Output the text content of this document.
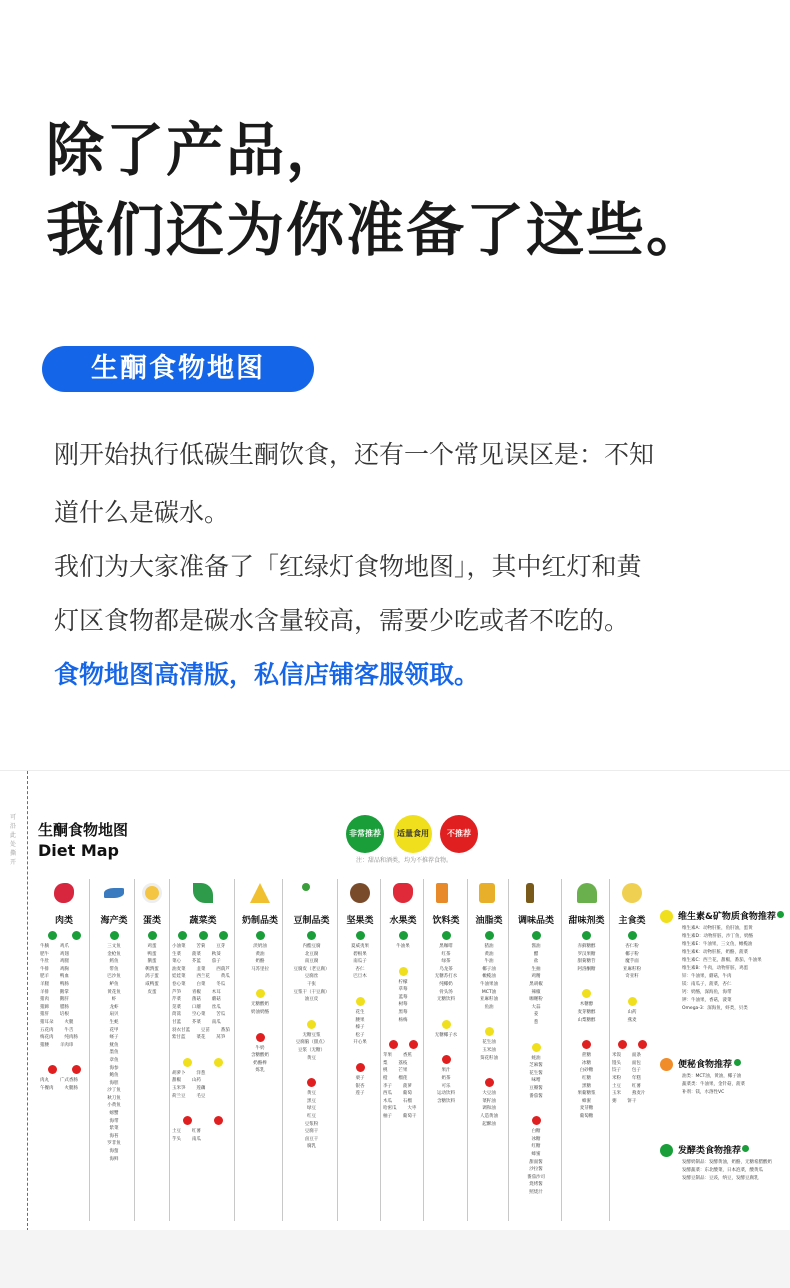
除了产品，
我们还为你准备了这些。
生酮食物地图
刚开始执行低碳生酮饮食，还有一个常见误区是：不知
道什么是碳水。
我们为大家准备了「红绿灯食物地图」，其中红灯和黄
灯区食物都是碳水含量较高，需要少吃或者不吃的。
食物地图高清版，私信店铺客服领取。
可沿此处撕开
生酮食物地图
Diet Map
注：甜品和酒类，均为不推荐食物。
非常推荐	适量食用	不推荐
肉类
牛腩  鸡爪
肥牛  鸡翅
牛肚  鸡腿
牛排  鸡胸
肥羊  鸭血
羊腿  鸭肠
羊排  鹅掌
猪肉  鹅肝
猪蹄  腊肠
猪肝  培根
猪耳朵  火腿
五花肉  牛舌
梅花肉  纯肉肠
猪腰  羊肉串
肉丸  广式香肠
午餐肉  火腿肠
海产类
三文鱼
金枪鱼
鳕鱼
带鱼
巴沙鱼
鲈鱼
黄花鱼
虾
龙虾
扇贝
生蚝
花甲
蛏子
鱿鱼
墨鱼
章鱼
海参
鲍鱼
海胆
沙丁鱼
秋刀鱼
小黄鱼
螃蟹
海带
紫菜
海苔
罗非鱼
海蜇
海鲜
蛋类
鸡蛋
鸭蛋
鹅蛋
鹌鹑蛋
鸽子蛋
咸鸭蛋
皮蛋
蔬菜类
小油菜  苦菊  豆芽
生菜  菠菜  秋葵
菜心  芥蓝  茄子
油麦菜  韭菜  西葫芦
娃娃菜  西兰花  黄瓜
卷心菜  白菜  冬瓜
芦笋  青椒  木耳
芹菜  菌菇  蘑菇
苋菜  口蘑  丝瓜
茼蒿  空心菜  苦瓜
甘蓝  芥菜  南瓜
羽衣甘蓝  豆苗  番茄
紫甘蓝  菜花  莴笋
胡萝卜  洋葱
甜椒  山药
玉米笋  莲藕
荷兰豆  毛豆
土豆  红薯
芋头  南瓜
奶制品类
淡奶油
黄油
奶酪
马苏里拉
无糖酸奶
奶油奶酪
牛奶
含糖酸奶
奶酪棒
炼乳
豆制品类
内酯豆腐
北豆腐
南豆腐
豆腐皮（老豆腐）
豆腐丝
干张
豆浆干（干豆腐）
油豆皮
无糖豆浆
豆腐脑（甜点）
豆浆（无糖）
黄豆
黄豆
黑豆
绿豆
红豆
豆浆粉
豆腐干
卤豆干
腐乳
坚果类
夏威夷果
碧根果
南瓜子
杏仁
巴旦木
花生
腰果
榛子
松子
开心果
栗子
银杏
莲子
水果类
牛油果
柠檬
草莓
蓝莓
树莓
黑莓
杨梅
苹果  香蕉
梨  荔枝
桃  芒果
橙  榴莲
李子  菠萝
西瓜  葡萄
木瓜  石榴
哈密瓜  大枣
柚子  葡萄干
饮料类
黑咖啡
红茶
绿茶
乌龙茶
无糖苏打水
纯椰奶
骨头汤
无糖饮料
无糖椰子水
果汁
奶茶
可乐
运动饮料
含糖饮料
油脂类
猪油
黄油
牛油
椰子油
橄榄油
牛油果油
MCT油
亚麻籽油
鱼油
花生油
玉米油
葵花籽油
大豆油
菜籽油
调和油
人造黄油
起酥油
调味品类
酱油
醋
盐
生抽
鸡精
黑胡椒
辣椒
咖喱粉
大蒜
姜
葱
蚝油
芝麻酱
花生酱
味噌
豆瓣酱
番茄酱
白糖
冰糖
红糖
蜂蜜
甜面酱
沙拉酱
番茄沙司
烧烤酱
照烧汁
甜味剂类
赤藓糖醇
罗汉果糖
甜菊糖苷
阿洛酮糖
木糖醇
麦芽糖醇
山梨糖醇
蔗糖
冰糖
白砂糖
红糖
黑糖
果葡糖浆
蜂蜜
麦芽糖
葡萄糖
主食类
杏仁粉
椰子粉
魔芋面
亚麻籽粉
奇亚籽
山药
燕麦
米饭  面条
馒头  面包
饺子  包子
米粉  年糕
土豆  红薯
玉米  燕麦片
粥  饼干
维生素&矿物质食物推荐
维生素A：动物肝脏，鱼肝油，蛋黄
维生素D：动物肝脏，沙丁鱼，奶酪
维生素E：牛油果，三文鱼，橄榄油
维生素K：动物肝脏，奶酪，菠菜
维生素C：西兰花，甜椒，番茄，牛油果
维生素B：牛肉，动物肝脏，鸡蛋
锌：牛油果，蘑菇，牛肉
镁：南瓜子，菠菜，杏仁
钙：奶酪，深海鱼，海带
钾：牛油果，香菇，菠菜
Omega-3：深海鱼，虾类，贝类
便秘食物推荐
油类：MCT油，黄油，椰子油
蔬菜类：牛油果，金针菇，菠菜
补剂：镁，水溶性VC
发酵类食物推荐
发酵奶制品：发酵黄油，奶酪，无糖希腊酸奶
发酵蔬菜：东北酸菜，日本泡菜，酸黄瓜
发酵豆制品：豆豉，纳豆，发酵豆腐乳
